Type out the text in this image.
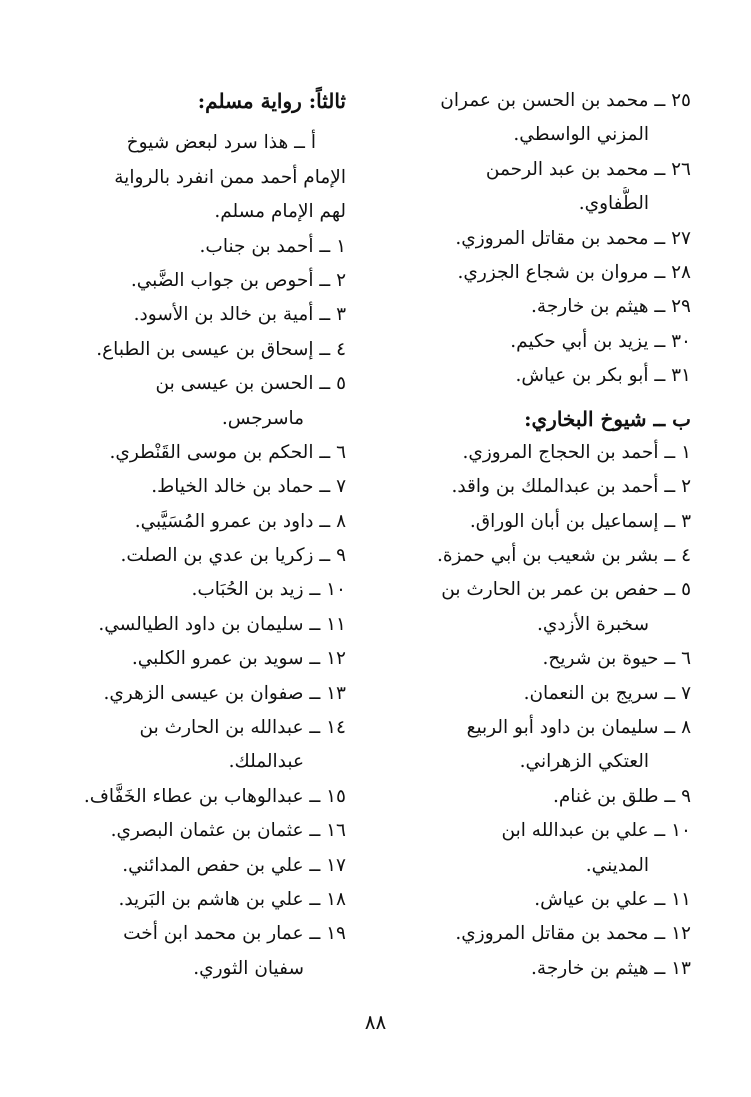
٢٥ ــ محمد بن الحسن بن عمران
المزني الواسطي.
٢٦ ــ محمد بن عبد الرحمن
الطُّفاوي.
٢٧ ــ محمد بن مقاتل المروزي.
٢٨ ــ مروان بن شجاع الجزري.
٢٩ ــ هيثم بن خارجة.
٣٠ ــ يزيد بن أبي حكيم.
٣١ ــ أبو بكر بن عياش.
ب ــ شيوخ البخاري:
١ ــ أحمد بن الحجاج المروزي.
٢ ــ أحمد بن عبدالملك بن واقد.
٣ ــ إسماعيل بن أبان الوراق.
٤ ــ بشر بن شعيب بن أبي حمزة.
٥ ــ حفص بن عمر بن الحارث بن
سخبرة الأزدي.
٦ ــ حيوة بن شريح.
٧ ــ سريج بن النعمان.
٨ ــ سليمان بن داود أبو الربيع
العتكي الزهراني.
٩ ــ طلق بن غنام.
١٠ ــ علي بن عبدالله ابن
المديني.
١١ ــ علي بن عياش.
١٢ ــ محمد بن مقاتل المروزي.
١٣ ــ هيثم بن خارجة.
ثالثاً: رواية مسلم:
أ ــ هذا سرد لبعض شيوخ
الإمام أحمد ممن انفرد بالرواية
لهم الإمام مسلم.
١ ــ أحمد بن جناب.
٢ ــ أحوص بن جواب الضَّبي.
٣ ــ أمية بن خالد بن الأسود.
٤ ــ إسحاق بن عيسى بن الطباع.
٥ ــ الحسن بن عيسى بن
ماسرجس.
٦ ــ الحكم بن موسى القَنْطري.
٧ ــ حماد بن خالد الخياط.
٨ ــ داود بن عمرو المُسَيَّبي.
٩ ــ زكريا بن عدي بن الصلت.
١٠ ــ زيد بن الحُبَاب.
١١ ــ سليمان بن داود الطيالسي.
١٢ ــ سويد بن عمرو الكلبي.
١٣ ــ صفوان بن عيسى الزهري.
١٤ ــ عبدالله بن الحارث بن
عبدالملك.
١٥ ــ عبدالوهاب بن عطاء الخَفَّاف.
١٦ ــ عثمان بن عثمان البصري.
١٧ ــ علي بن حفص المدائني.
١٨ ــ علي بن هاشم بن البَريد.
١٩ ــ عمار بن محمد ابن أخت
سفيان الثوري.
٨٨
